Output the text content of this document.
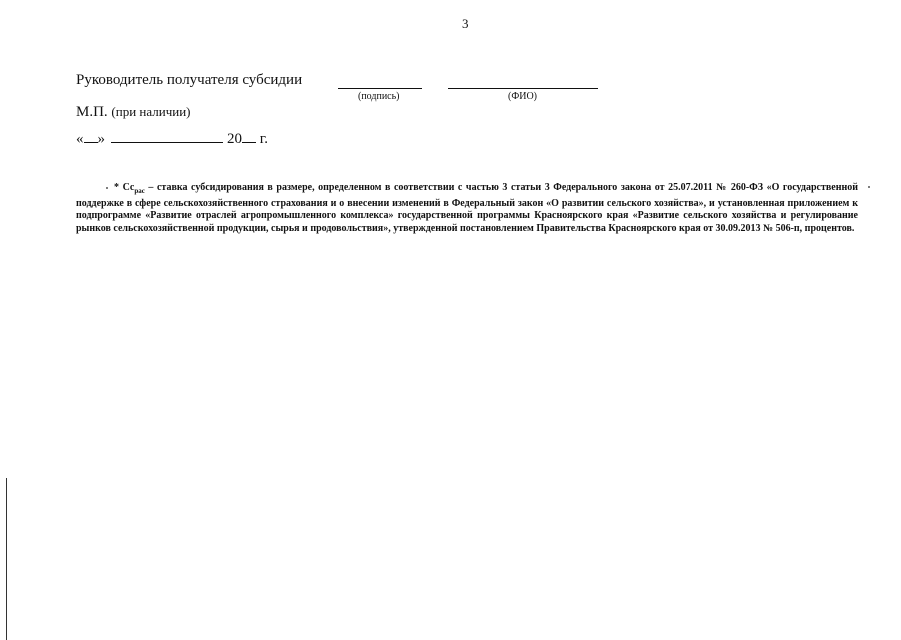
3
Руководитель получателя субсидии
(подпись)	(ФИО)
М.П. (при наличии)
« »	20 г.
* $Сс_{рас}$ – ставка субсидирования в размере, определенном в соответствии с частью 3 статьи 3 Федерального закона от 25.07.2011 № 260-ФЗ «О государственной поддержке в сфере сельскохозяйственного страхования и о внесении изменений в Федеральный закон «О развитии сельского хозяйства», и установленная приложением к подпрограмме «Развитие отраслей агропромышленного комплекса» государственной программы Красноярского края «Развитие сельского хозяйства и регулирование рынков сельскохозяйственной продукции, сырья и продовольствия», утвержденной постановлением Правительства Красноярского края от 30.09.2013 № 506-п, процентов.
